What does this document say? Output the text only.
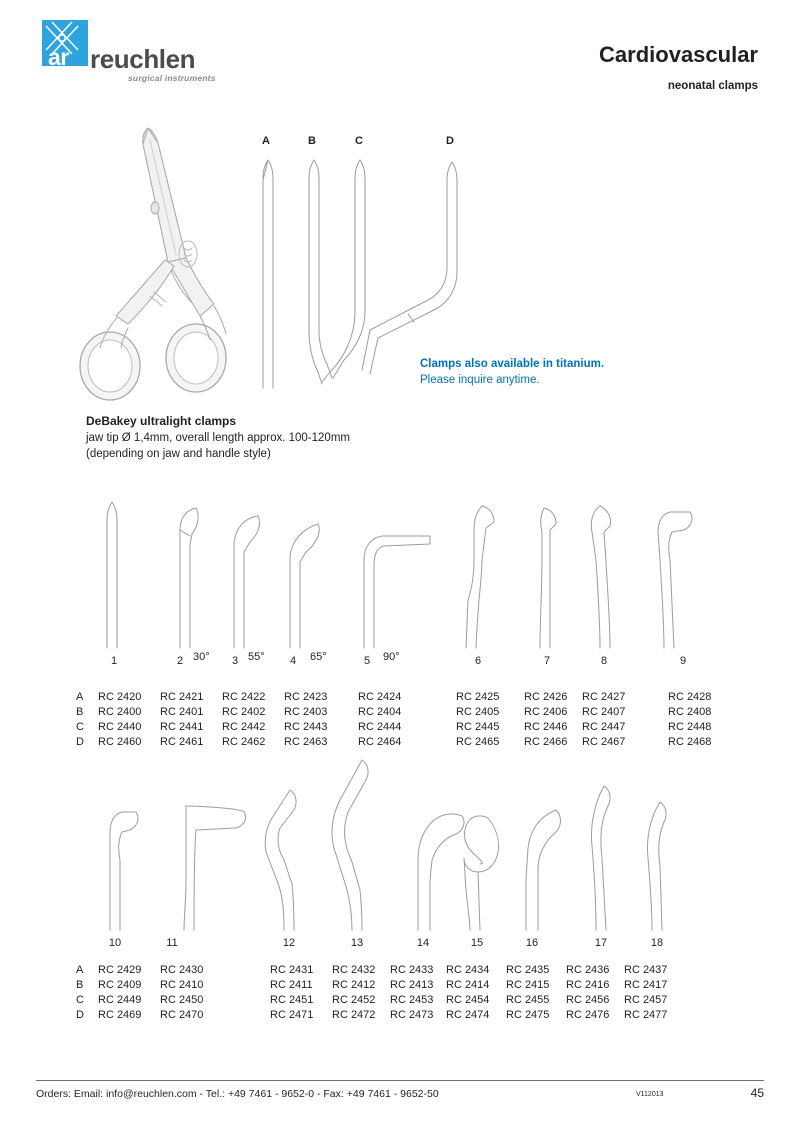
ar reuchlen
surgical instruments
Cardiovascular
neonatal clamps
A	B	C	D
Clamps also available in titanium.
Please inquire anytime.
DeBakey ultralight clamps
jaw tip Ø 1,4mm, overall length approx. 100-120mm
(depending on jaw and handle style)
1	2	3	4	5	6	7	8	9
30°	55°	65°	90°
A	RC 2420	RC 2421	RC 2422	RC 2423	RC 2424	RC 2425	RC 2426	RC 2427	RC 2428
B	RC 2400	RC 2401	RC 2402	RC 2403	RC 2404	RC 2405	RC 2406	RC 2407	RC 2408
C	RC 2440	RC 2441	RC 2442	RC 2443	RC 2444	RC 2445	RC 2446	RC 2447	RC 2448
D	RC 2460	RC 2461	RC 2462	RC 2463	RC 2464	RC 2465	RC 2466	RC 2467	RC 2468
10	11	12	13	14	15	16	17	18
A	RC 2429	RC 2430	RC 2431	RC 2432	RC 2433	RC 2434	RC 2435	RC 2436	RC 2437
B	RC 2409	RC 2410	RC 2411	RC 2412	RC 2413	RC 2414	RC 2415	RC 2416	RC 2417
C	RC 2449	RC 2450	RC 2451	RC 2452	RC 2453	RC 2454	RC 2455	RC 2456	RC 2457
D	RC 2469	RC 2470	RC 2471	RC 2472	RC 2473	RC 2474	RC 2475	RC 2476	RC 2477
Orders: Email: info@reuchlen.com - Tel.: +49 7461 - 9652-0 - Fax: +49 7461 - 9652-50	V112013	45
